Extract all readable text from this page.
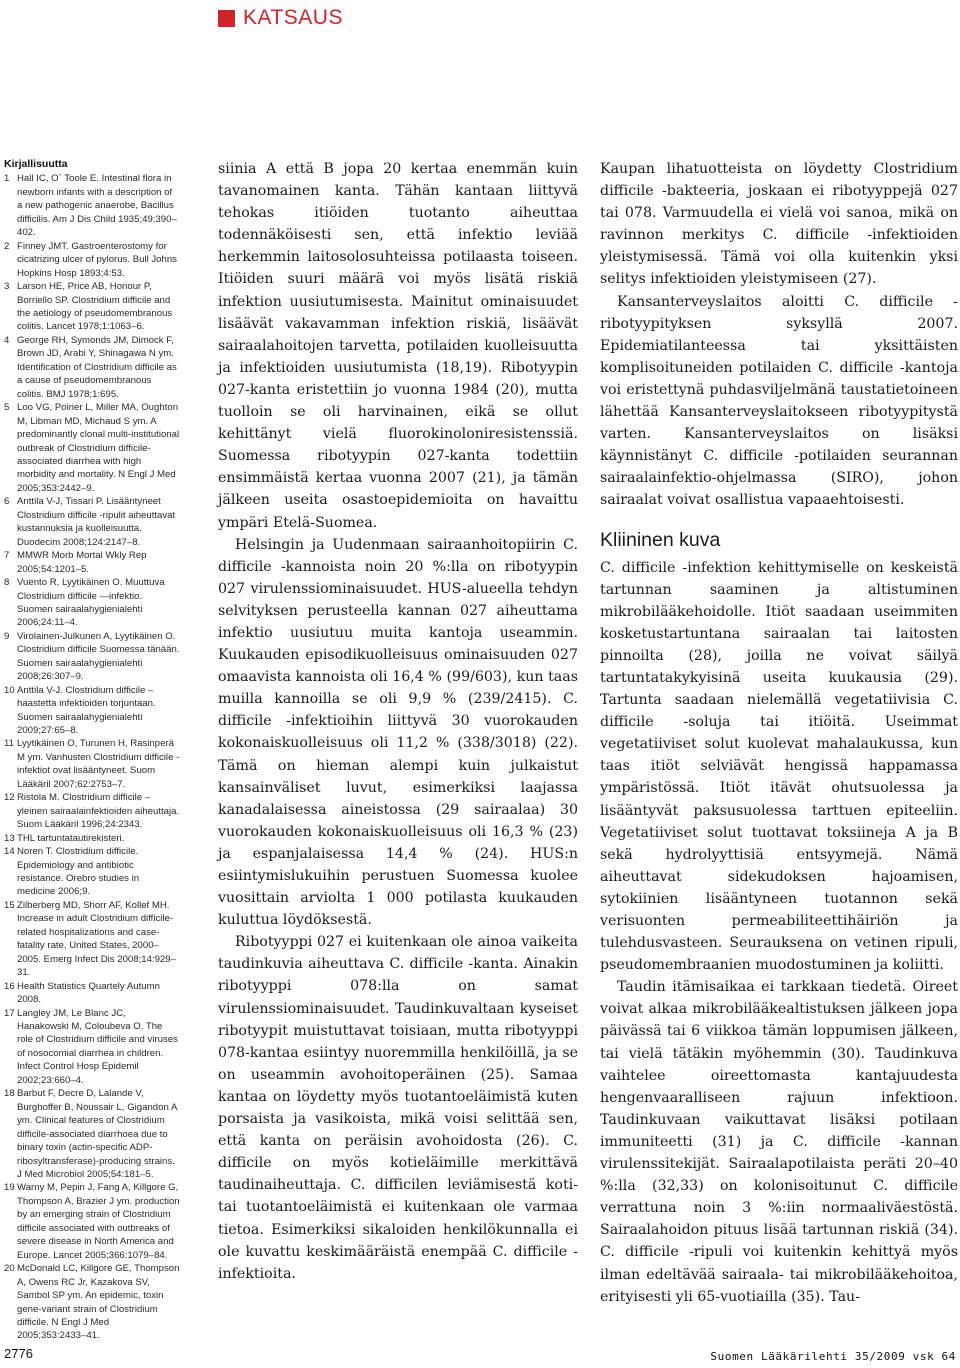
KATSAUS
Kirjallisuutta
1 Hall IC, O´ Toole E. Intestinal flora in newborn infants with a description of a new pathogenic anaerobe, Bacillus difficilis. Am J Dis Child 1935;49:390–402.
2 Finney JMT. Gastroenterostomy for cicatrizing ulcer of pylorus. Bull Johns Hopkins Hosp 1893;4:53.
3 Larson HE, Price AB, Honour P, Borriello SP. Clostridium difficile and the aetiology of pseudomembranous colitis. Lancet 1978;1:1063–6.
4 George RH, Symonds JM, Dimock F, Brown JD, Arabi Y, Shinagawa N ym. Identification of Clostridium difficile as a cause of pseudomembranous colitis. BMJ 1978;1:695.
5 Loo VG, Poirier L, Miller MA, Oughton M, Libman MD, Michaud S ym. A predominantly clonal multi-institutional outbreak of Clostridium difficile-associated diarrhea with high morbidity and mortality. N Engl J Med 2005;353:2442–9.
6 Anttila V-J, Tissari P. Lisääntyneet Clostridium difficile -ripulit aiheuttavat kustannuksia ja kuolleisuutta. Duodecim 2008;124:2147–8.
7 MMWR Morb Mortal Wkly Rep 2005;54:1201–5.
8 Vuento R, Lyytikäinen O. Muuttuva Clostridium difficile —infektio. Suomen sairaalahygienialehti 2006;24:11–4.
9 Virolainen-Julkunen A, Lyytikäinen O. Clostridium difficile Suomessa tänään. Suomen sairaalahygienialehti 2008;26:307–9.
10 Anttila V-J. Clostridium difficile – haastetta infektioiden torjuntaan. Suomen sairaalahygienialehti 2009;27:65–8.
11 Lyytikäinen O, Turunen H, Rasinperä M ym. Vanhusten Clostridium difficile -infektiot ovat lisääntyneet. Suom Lääkäril 2007;62:2753–7.
12 Ristola M. Clostridium difficile – yleinen sairaalainfektioiden aiheuttaja. Suom Lääkäril 1996;24:2343.
13 THL tartuntatautirekisteri.
14 Noren T. Clostridium difficile. Epidemiology and antibiotic resistance. Orebro studies in medicine 2006;9.
15 Zilberberg MD, Shorr AF, Kollef MH. Increase in adult Clostridium difficile-related hospitalizations and case-fatality rate, United States, 2000–2005. Emerg Infect Dis 2008;14:929–31.
16 Health Statistics Quartely Autumn 2008.
17 Langley JM, Le Blanc JC, Hanakowski M, Coloubeva O. The role of Clostridium difficile and viruses of nosocomial diarrhea in children. Infect Control Hosp Epidemil 2002;23:660–4.
18 Barbut F, Decre D, Lalande V, Burghoffer B, Noussair L, Gigandon A ym. Clinical features of Clostridium difficile-associated diarrhoea due to binary toxin (actin-specific ADP-ribosyltransferase)-producing strains. J Med Microbiol 2005;54:181–5.
19 Warny M, Pepin J, Fang A, Killgore G, Thompson A, Brazier J ym. production by an emerging strain of Clostridium difficile associated with outbreaks of severe disease in North America and Europe. Lancet 2005;366:1079–84.
20 McDonald LC, Killgore GE, Thompson A, Owens RC Jr, Kazakova SV, Sambol SP ym. An epidemic, toxin gene-variant strain of Clostridium difficile. N Engl J Med 2005;353:2433–41.

siinia A että B jopa 20 kertaa enemmän kuin tavanomainen kanta. Tähän kantaan liittyvä tehokas itiöiden tuotanto aiheuttaa todennäköisesti sen, että infektio leviää herkemmin laitosolosuhteissa potilaasta toiseen. Itiöiden suuri määrä voi myös lisätä riskiä infektion uusiutumisesta. Mainitut ominaisuudet lisäävät vakavamman infektion riskiä, lisäävät sairaalahoitojen tarvetta, potilaiden kuolleisuutta ja infektioiden uusiutumista (18,19). Ribotyypin 027-kanta eristettiin jo vuonna 1984 (20), mutta tuolloin se oli harvinainen, eikä se ollut kehittänyt vielä fluorokinoloniresistenssiä. Suomessa ribotyypin 027-kanta todettiin ensimmäistä kertaa vuonna 2007 (21), ja tämän jälkeen useita osastoepidemioita on havaittu ympäri Etelä-Suomea.

Helsingin ja Uudenmaan sairaanhoitopiirin C. difficile -kannoista noin 20 %:lla on ribotyypin 027 virulenssiominaisuudet. HUS-alueella tehdyn selvityksen perusteella kannan 027 aiheuttama infektio uusiutuu muita kantoja useammin. Kuukauden episodikuolleisuus ominaisuuden 027 omaavista kannoista oli 16,4 % (99/603), kun taas muilla kannoilla se oli 9,9 % (239/2415). C. difficile -infektioihin liittyvä 30 vuorokauden kokonaiskuolleisuus oli 11,2 % (338/3018) (22). Tämä on hieman alempi kuin julkaistut kansainväliset luvut, esimerkiksi laajassa kanadalaisessa aineistossa (29 sairaalaa) 30 vuorokauden kokonaiskuolleisuus oli 16,3 % (23) ja espanjalaisessa 14,4 % (24). HUS:n esiintymislukuihin perustuen Suomessa kuolee vuosittain arviolta 1 000 potilasta kuukauden kuluttua löydöksestä.

Ribotyyppi 027 ei kuitenkaan ole ainoa vaikeita taudinkuvia aiheuttava C. difficile -kanta. Ainakin ribotyyppi 078:lla on samat virulenssiominaisuudet. Taudinkuvaltaan kyseiset ribotyypit muistuttavat toisiaan, mutta ribotyyppi 078-kantaa esiintyy nuoremmilla henkilöillä, ja se on useammin avohoitoperäinen (25). Samaa kantaa on löydetty myös tuotantoeläimistä kuten porsaista ja vasikoista, mikä voisi selittää sen, että kanta on peräisin avohoidosta (26). C. difficile on myös kotieläimille merkittävä taudinaiheuttaja. C. difficilen leviämisestä koti- tai tuotantoeläimistä ei kuitenkaan ole varmaa tietoa. Esimerkiksi sikaloiden henkilökunnalla ei ole kuvattu keskimääräistä enempää C. difficile -infektioita.

Kaupan lihatuotteista on löydetty Clostridium difficile -bakteeria, joskaan ei ribotyyppejä 027 tai 078. Varmuudella ei vielä voi sanoa, mikä on ravinnon merkitys C. difficile -infektioiden yleistymisessä. Tämä voi olla kuitenkin yksi selitys infektioiden yleistymiseen (27).

Kansanterveyslaitos aloitti C. difficile -ribotyypityksen syksyllä 2007. Epidemiatilanteessa tai yksittäisten komplisoituneiden potilaiden C. difficile -kantoja voi eristettynä puhdasviljelmänä taustatietoineen lähettää Kansanterveyslaitokseen ribotyypitystä varten. Kansanterveyslaitos on lisäksi käynnistänyt C. difficile -potilaiden seurannan sairaalainfektio-ohjelmassa (SIRO), johon sairaalat voivat osallistua vapaaehtoisesti.

Kliininen kuva

C. difficile -infektion kehittymiselle on keskeistä tartunnan saaminen ja altistuminen mikrobilääkehoidolle. Itiöt saadaan useimmiten kosketustartuntana sairaalan tai laitosten pinnoilta (28), joilla ne voivat säilyä tartuntatakykyisinä useita kuukausia (29). Tartunta saadaan nielemällä vegetatiivisia C. difficile -soluja tai itiöitä. Useimmat vegetatiiviset solut kuolevat mahalaukussa, kun taas itiöt selviävät hengissä happamassa ympäristössä. Itiöt itävät ohutsuolessa ja lisääntyvät paksusuolessa tarttuen epiteeliin. Vegetatiiviset solut tuottavat toksiineja A ja B sekä hydrolyyttisiä entsyymejä. Nämä aiheuttavat sidekudoksen hajoamisen, sytokiinien lisääntyneen tuotannon sekä verisuonten permeabiliteettihäiriön ja tulehdusvasteen. Seurauksena on vetinen ripuli, pseudomembraanien muodostuminen ja koliitti.

Taudin itämisaikaa ei tarkkaan tiedetä. Oireet voivat alkaa mikrobilääkealtistuksen jälkeen jopa päivässä tai 6 viikkoa tämän loppumisen jälkeen, tai vielä tätäkin myöhemmin (30). Taudinkuva vaihtelee oireettomasta kantajuudesta hengenvaaralliseen rajuun infektioon. Taudinkuvaan vaikuttavat lisäksi potilaan immuniteetti (31) ja C. difficile -kannan virulenssitekijät. Sairaalapotilaista peräti 20–40 %:lla (32,33) on kolonisoitunut C. difficile verrattuna noin 3 %:iin normaaliväestöstä. Sairaalahoidon pituus lisää tartunnan riskiä (34). C. difficile -ripuli voi kuitenkin kehittyä myös ilman edeltävää sairaala- tai mikrobilääkehoitoa, erityisesti yli 65-vuotiailla (35). Tau-

2776	Suomen Lääkärilehti 35/2009 vsk 64
